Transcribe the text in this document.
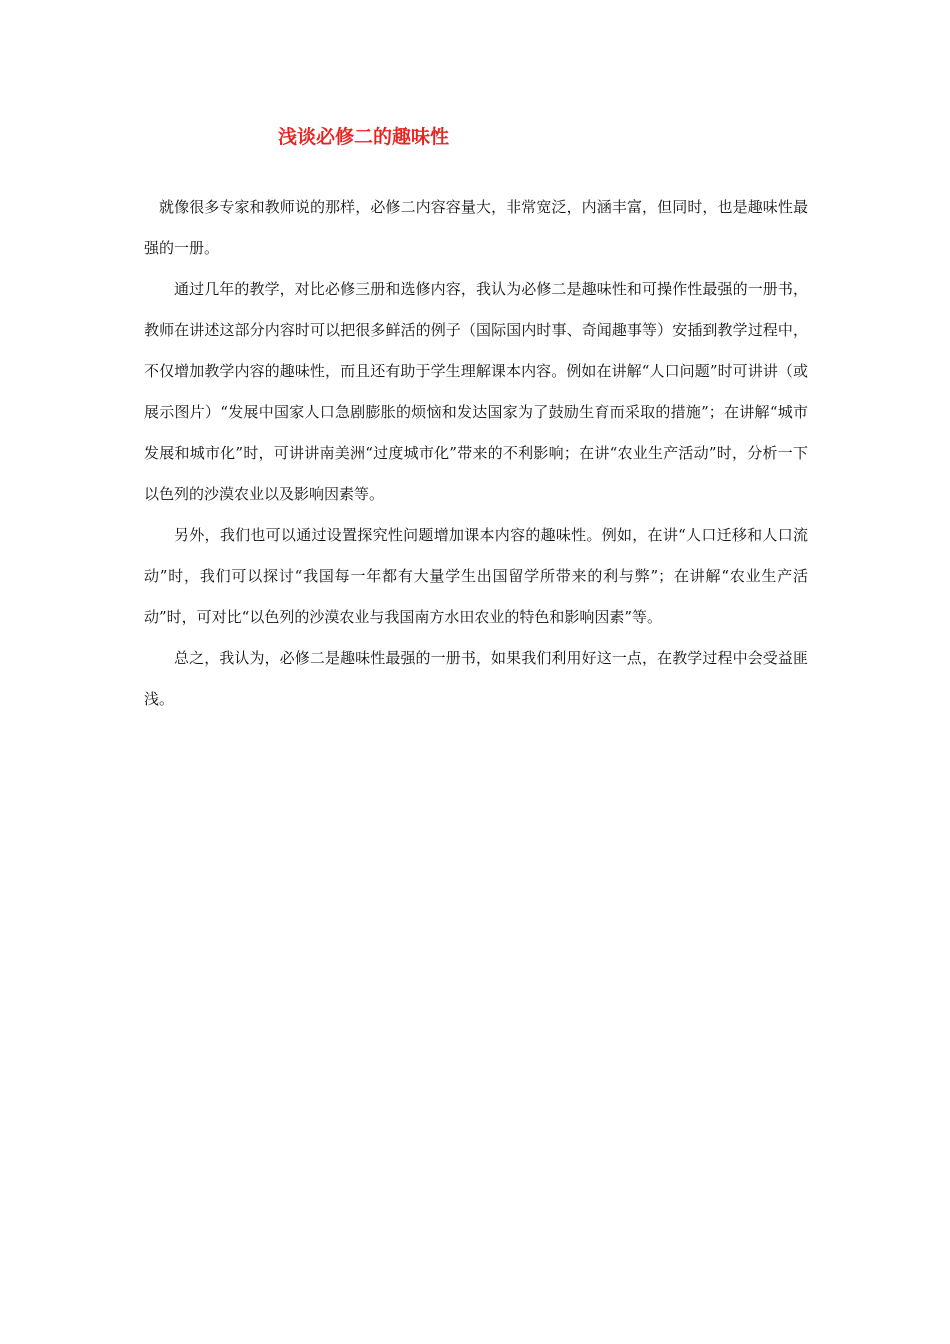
浅谈必修二的趣味性

就像很多专家和教师说的那样，必修二内容容量大，非常宽泛，内涵丰富，但同时，也是趣味性最强的一册。

通过几年的教学，对比必修三册和选修内容，我认为必修二是趣味性和可操作性最强的一册书，教师在讲述这部分内容时可以把很多鲜活的例子（国际国内时事、奇闻趣事等）安插到教学过程中，不仅增加教学内容的趣味性，而且还有助于学生理解课本内容。例如在讲解“人口问题”时可讲讲（或展示图片）“发展中国家人口急剧膨胀的烦恼和发达国家为了鼓励生育而采取的措施”；在讲解“城市发展和城市化”时，可讲讲南美洲“过度城市化”带来的不利影响；在讲“农业生产活动”时，分析一下以色列的沙漠农业以及影响因素等。

另外，我们也可以通过设置探究性问题增加课本内容的趣味性。例如，在讲“人口迁移和人口流动”时，我们可以探讨“我国每一年都有大量学生出国留学所带来的利与弊”；在讲解“农业生产活动”时，可对比“以色列的沙漠农业与我国南方水田农业的特色和影响因素”等。

总之，我认为，必修二是趣味性最强的一册书，如果我们利用好这一点，在教学过程中会受益匪浅。
